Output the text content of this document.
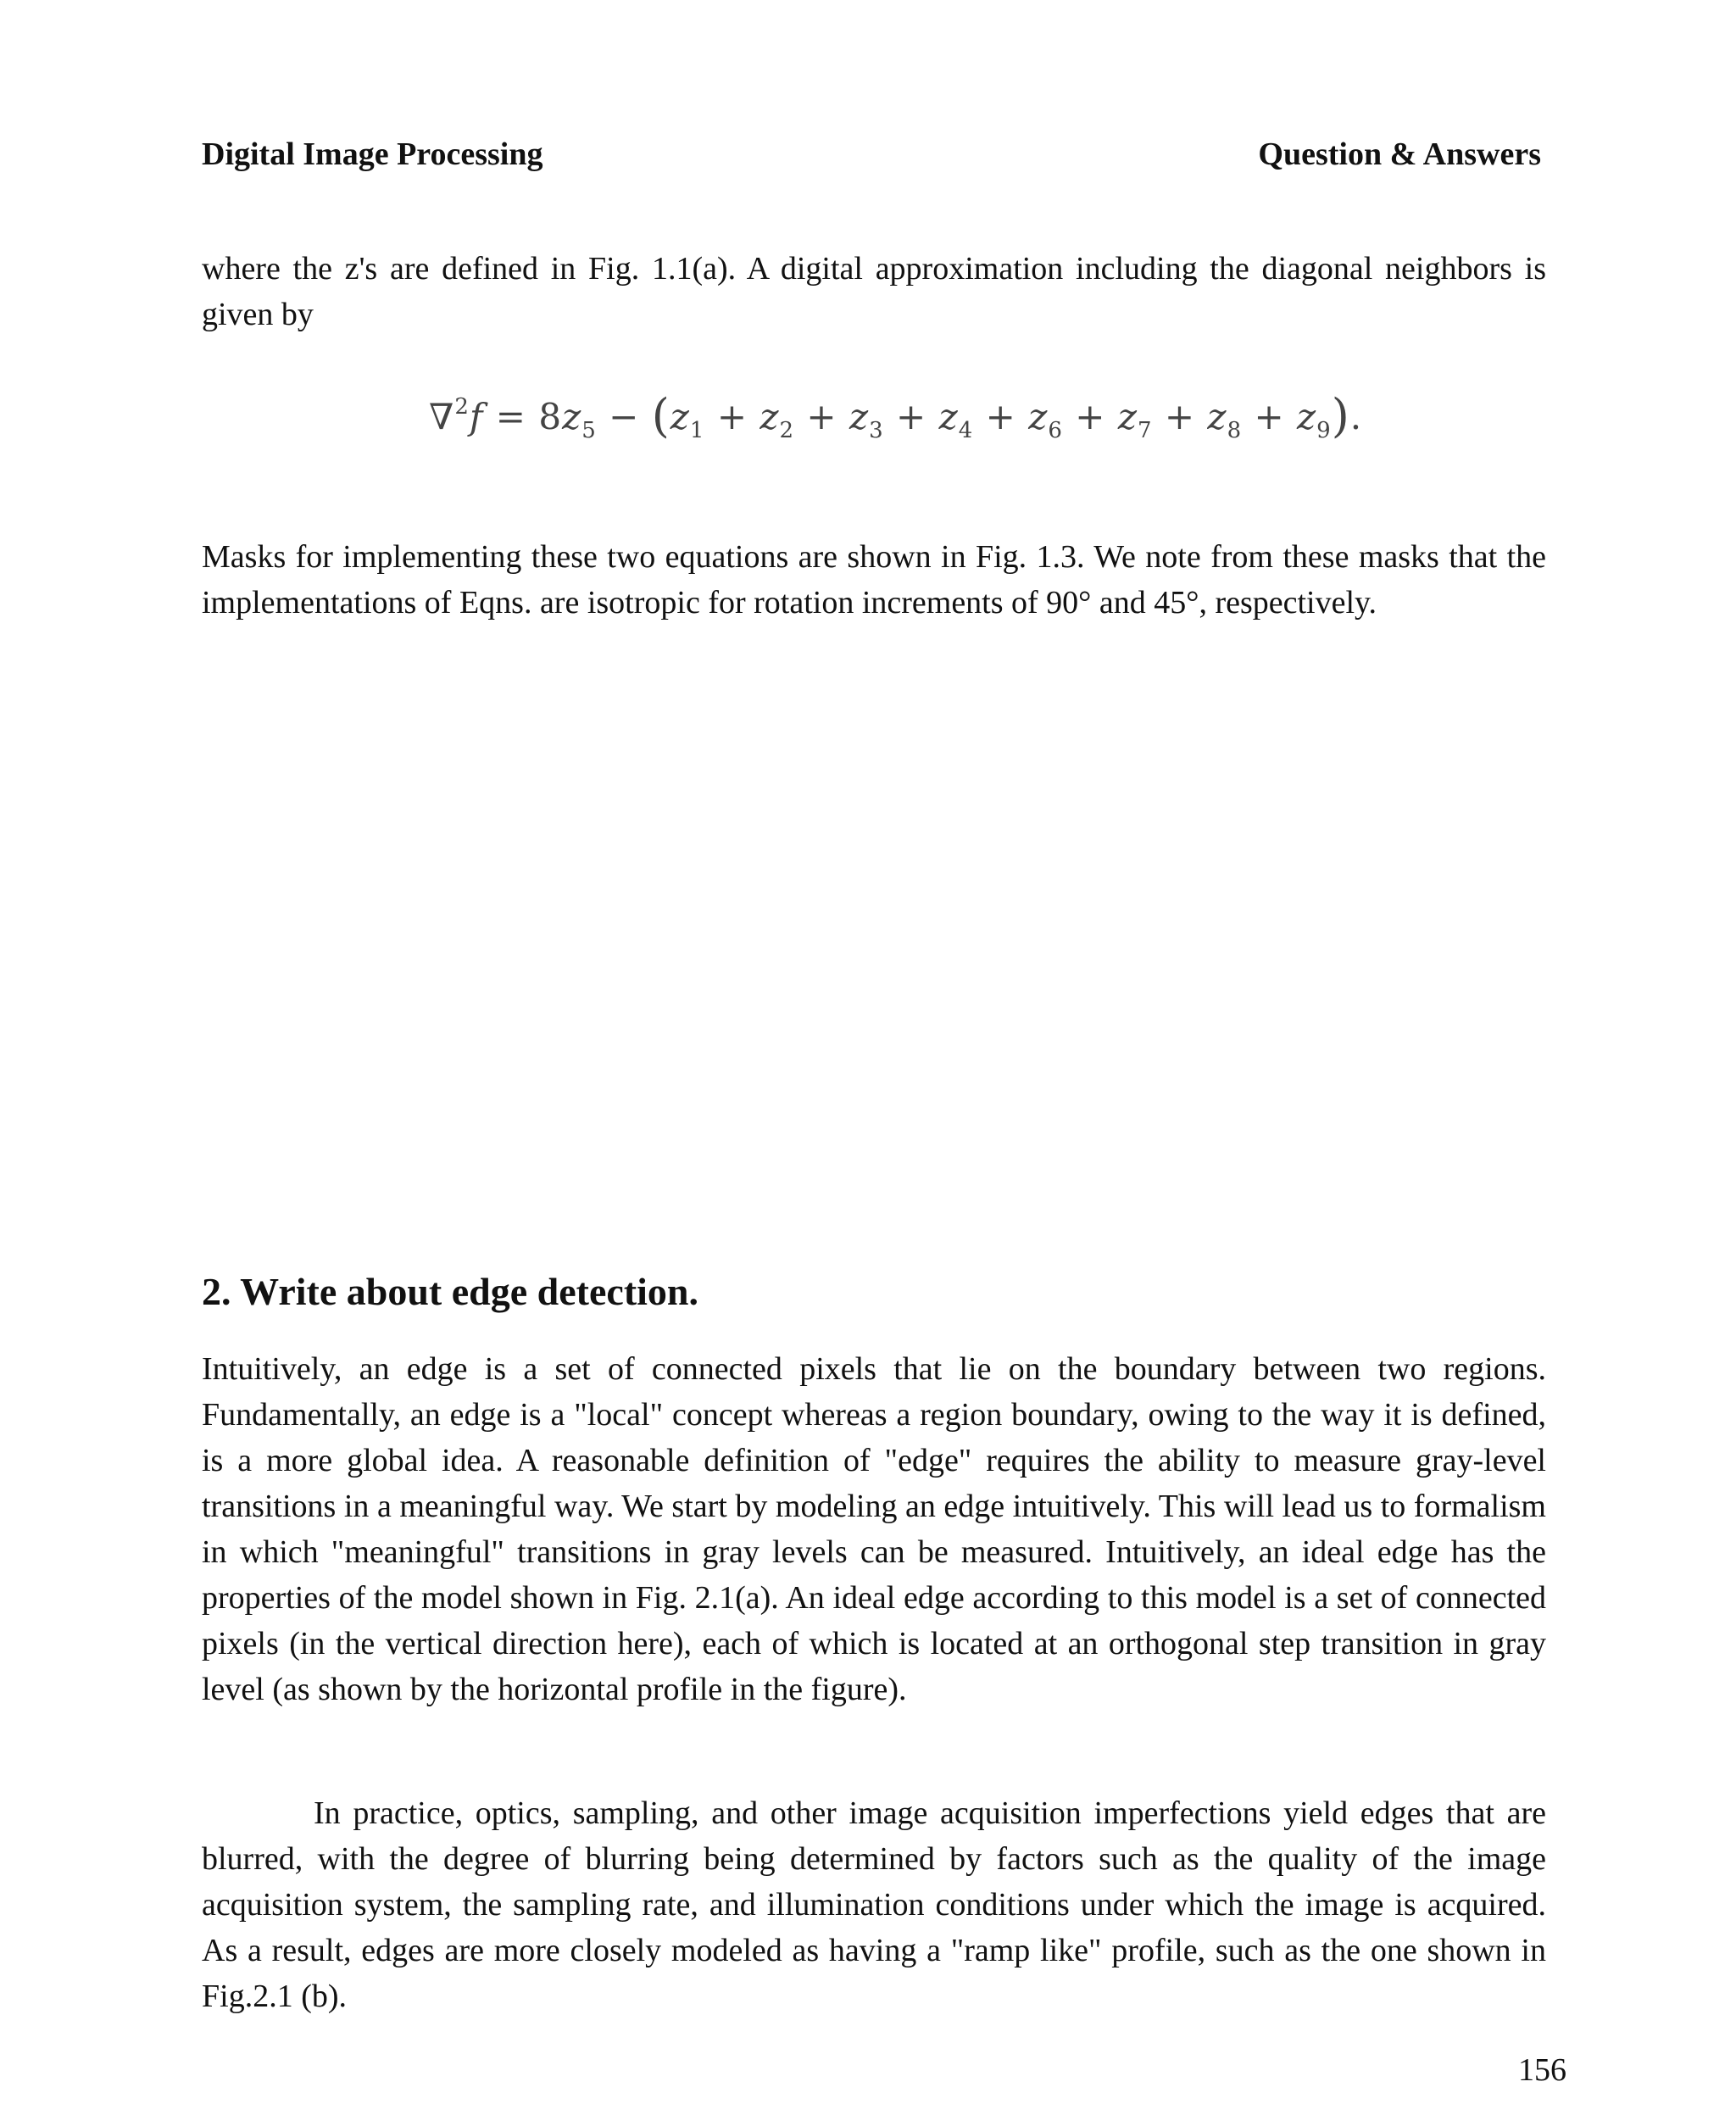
Digital Image Processing	Question & Answers

where the z's are defined in Fig. 1.1(a). A digital approximation including the diagonal neighbors is given by

$\nabla^2f = 8z_5 - (z_1 + z_2 + z_3 + z_4 + z_6 + z_7 + z_8 + z_9)$.

Masks for implementing these two equations are shown in Fig. 1.3. We note from these masks that the implementations of Eqns. are isotropic for rotation increments of 90° and 45°, respectively.

2. Write about edge detection.

Intuitively, an edge is a set of connected pixels that lie on the boundary between two regions. Fundamentally, an edge is a "local" concept whereas a region boundary, owing to the way it is defined, is a more global idea. A reasonable definition of "edge" requires the ability to measure gray-level transitions in a meaningful way. We start by modeling an edge intuitively. This will lead us to formalism in which "meaningful" transitions in gray levels can be measured. Intuitively, an ideal edge has the properties of the model shown in Fig. 2.1(a). An ideal edge according to this model is a set of connected pixels (in the vertical direction here), each of which is located at an orthogonal step transition in gray level (as shown by the horizontal profile in the figure).

In practice, optics, sampling, and other image acquisition imperfections yield edges that are blurred, with the degree of blurring being determined by factors such as the quality of the image acquisition system, the sampling rate, and illumination conditions under which the image is acquired. As a result, edges are more closely modeled as having a "ramp like" profile, such as the one shown in Fig.2.1 (b).

156
